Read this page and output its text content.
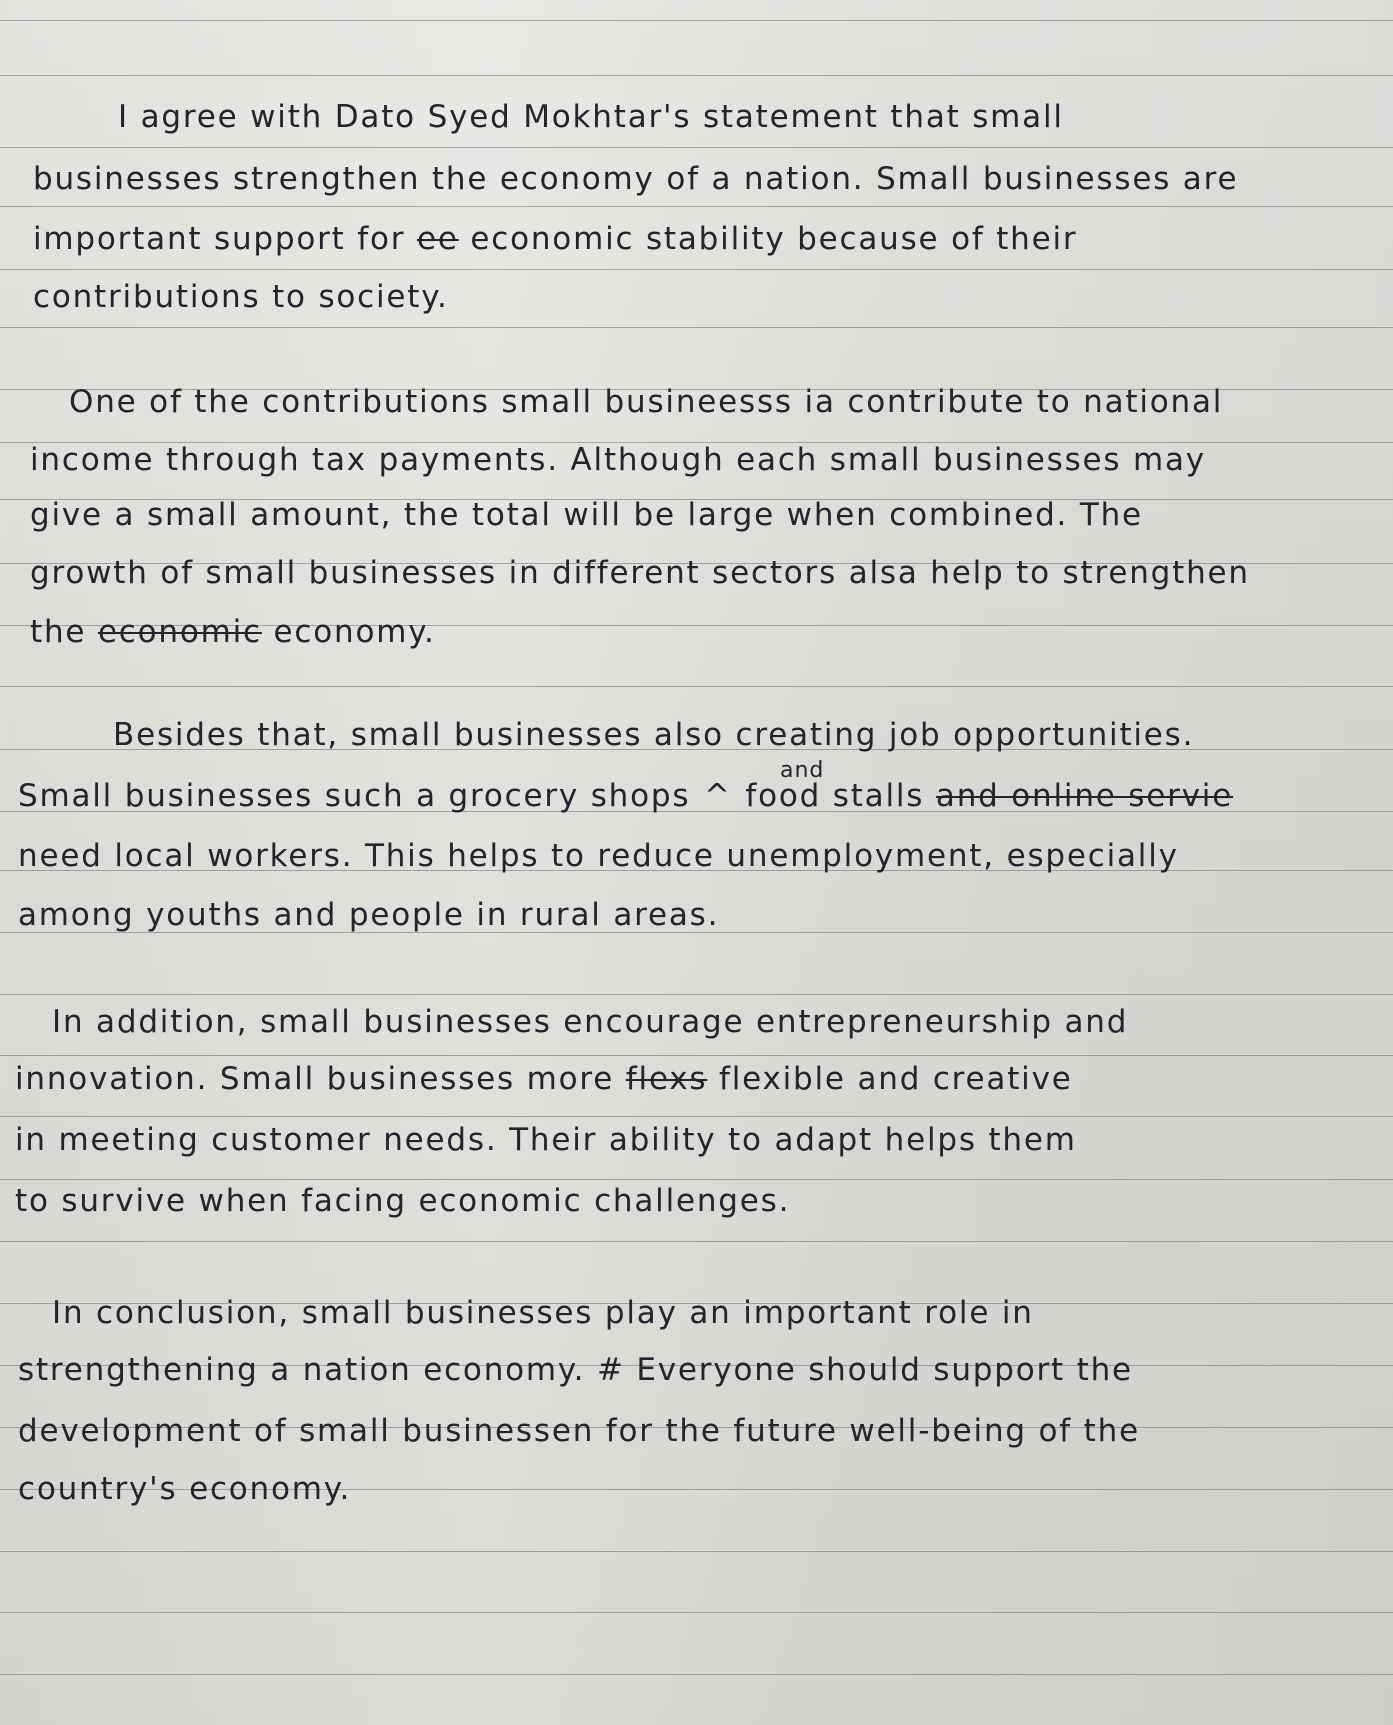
I agree with Dato Syed Mokhtar's statement that small
businesses strengthen the economy of a nation. Small businesses are
important support for ee economic stability because of their
contributions to society.
One of the contributions small busineesss ia contribute to national
income through tax payments. Although each small businesses may
give a small amount, the total will be large when combined. The
growth of small businesses in different sectors alsa help to strengthen
the economic economy.
Besides that, small businesses also creating job opportunities.
and
Small businesses such a grocery shops ^ food stalls and online servie
need local workers. This helps to reduce unemployment, especially
among youths and people in rural areas.
In addition, small businesses encourage entrepreneurship and
innovation. Small businesses more flexs flexible and creative
in meeting customer needs. Their ability to adapt helps them
to survive when facing economic challenges.
In conclusion, small businesses play an important role in
strengthening a nation economy. # Everyone should support the
development of small businessen for the future well-being of the
country's economy.
